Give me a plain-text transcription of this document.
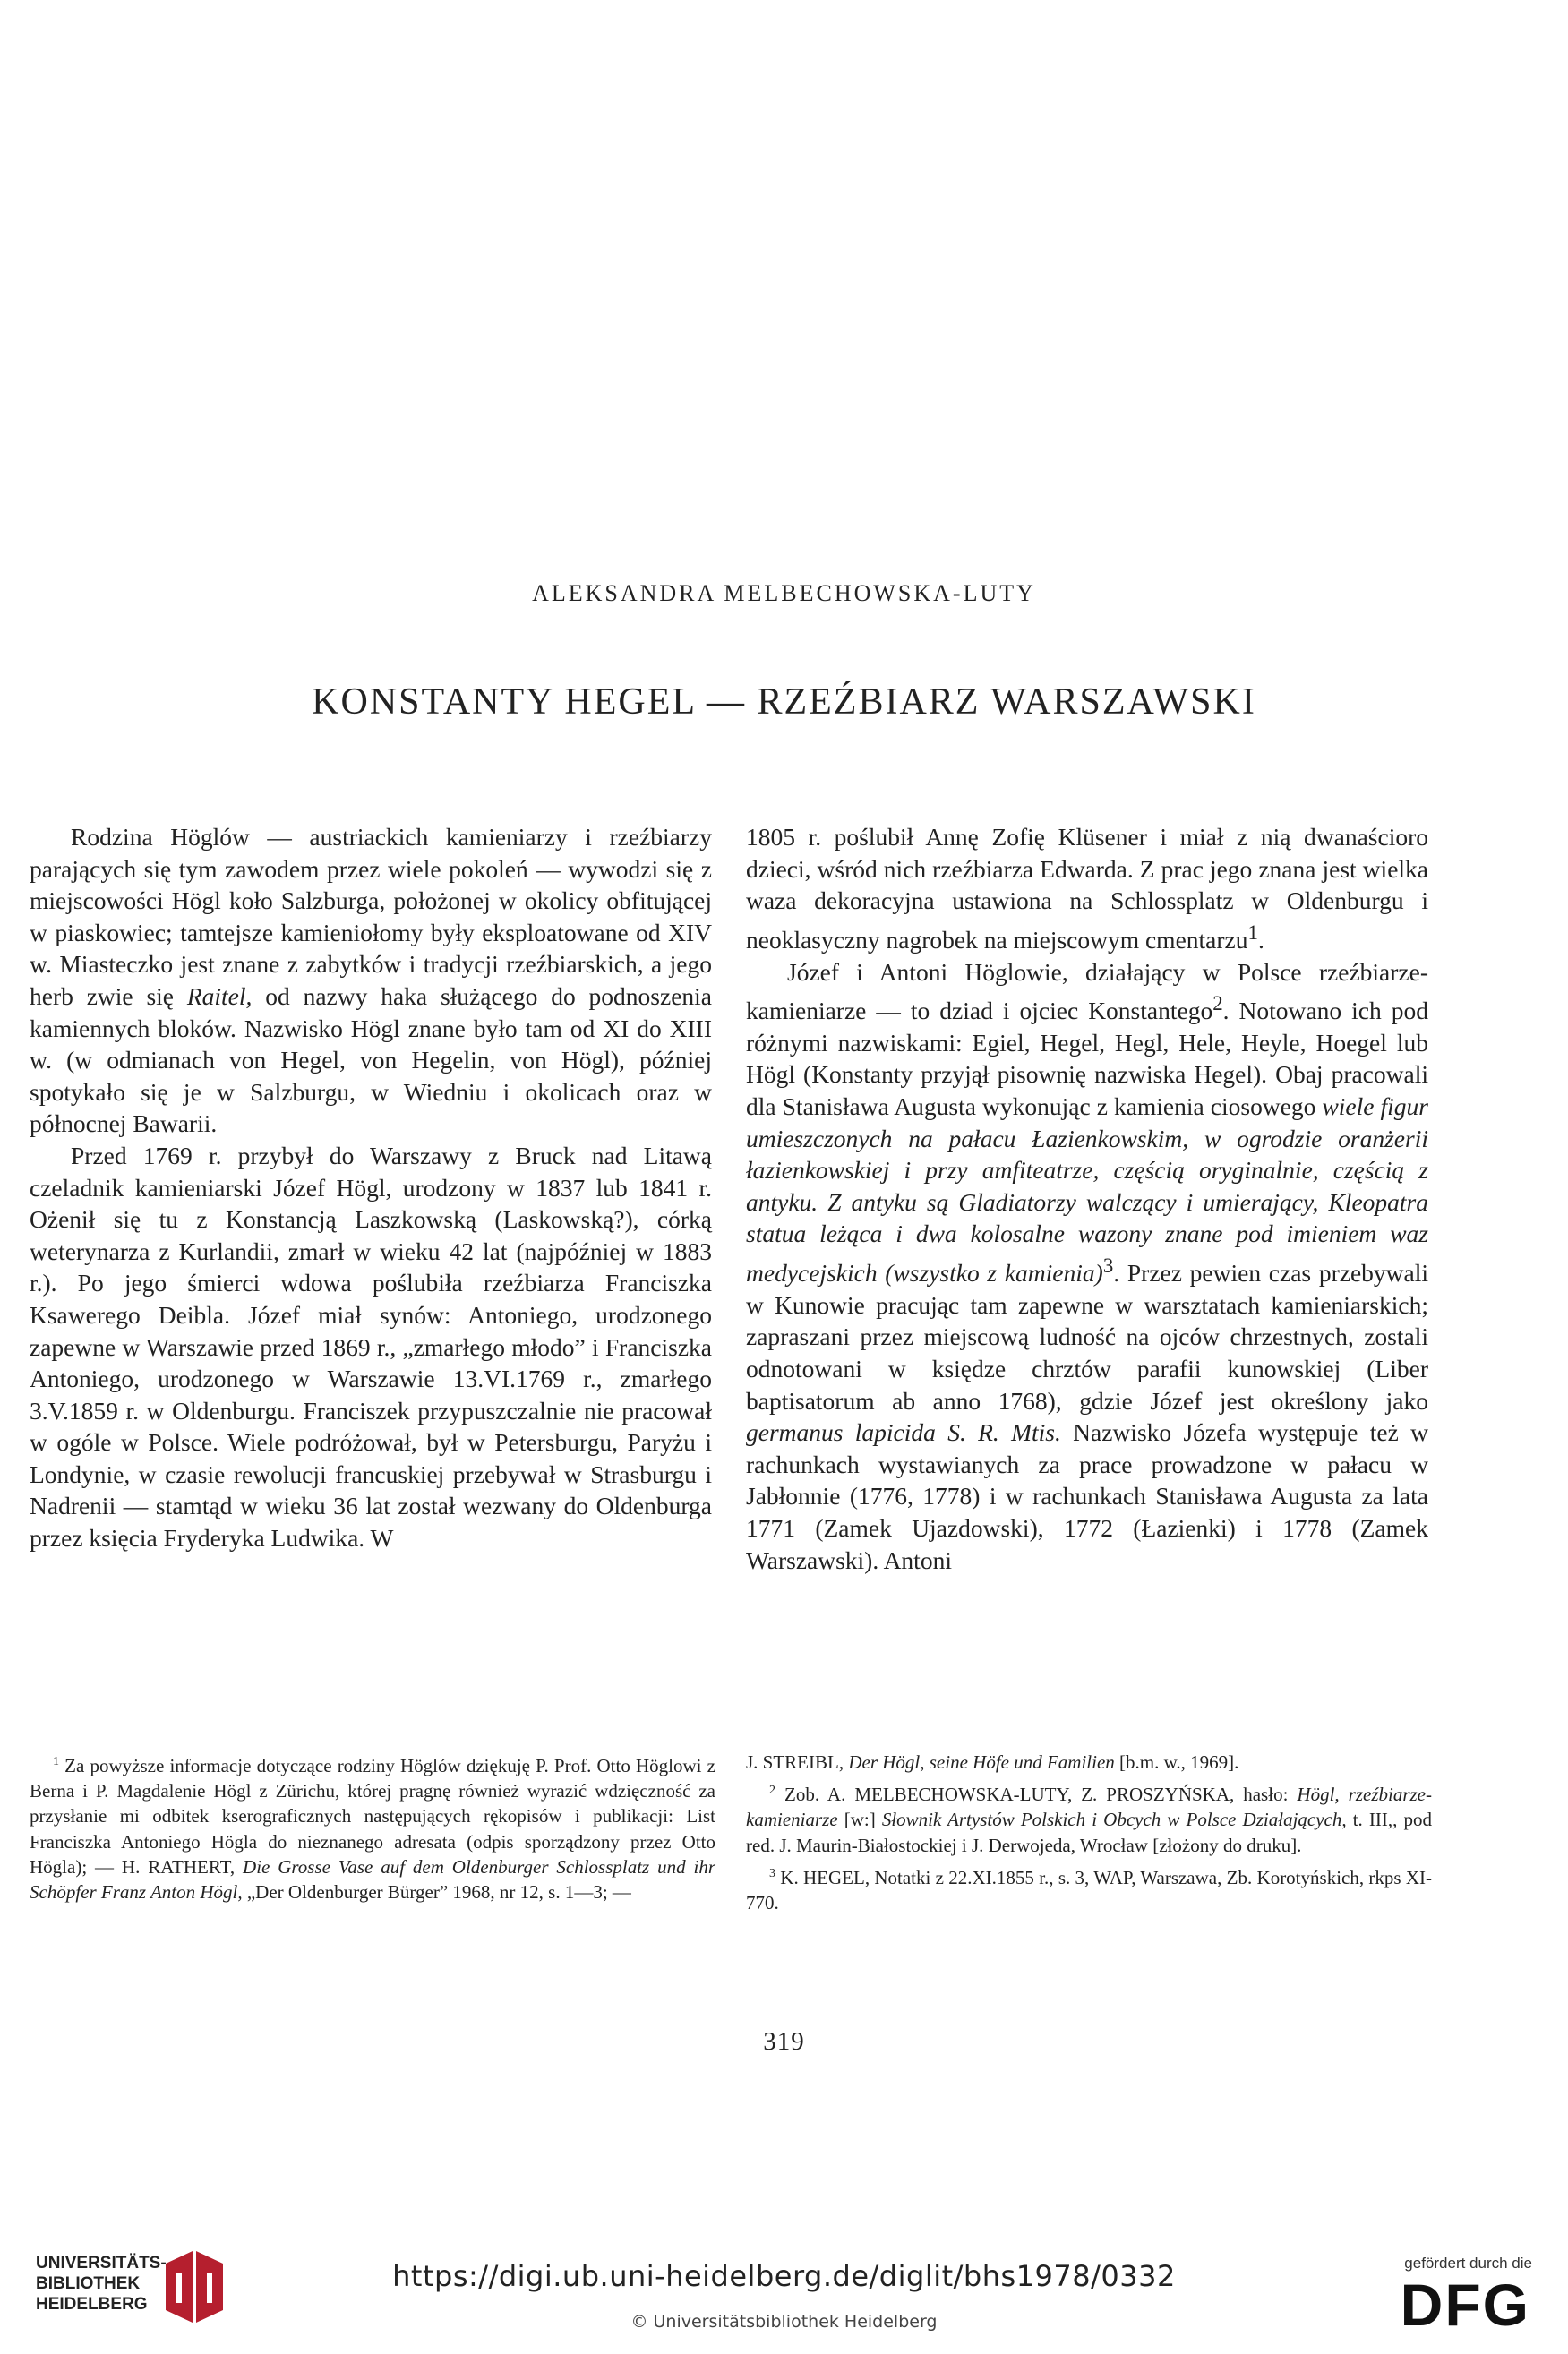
ALEKSANDRA MELBECHOWSKA-LUTY
KONSTANTY HEGEL — RZEŹBIARZ WARSZAWSKI

Rodzina Höglów — austriackich kamieniarzy i rzeźbiarzy parających się tym zawodem przez wiele pokoleń — wywodzi się z miejscowości Högl koło Salzburga, położonej w okolicy obfitującej w piaskowiec; tamtejsze kamieniołomy były eksploatowane od XIV w. Miasteczko jest znane z zabytków i tradycji rzeźbiarskich, a jego herb zwie się Raitel, od nazwy haka służącego do podnoszenia kamiennych bloków. Nazwisko Högl znane było tam od XI do XIII w. (w odmianach von Hegel, von Hegelin, von Högl), później spotykało się je w Salzburgu, w Wiedniu i okolicach oraz w północnej Bawarii.

Przed 1769 r. przybył do Warszawy z Bruck nad Litawą czeladnik kamieniarski Józef Högl, urodzony w 1837 lub 1841 r. Ożenił się tu z Konstancją Laszkowską (Laskowską?), córką weterynarza z Kurlandii, zmarł w wieku 42 lat (najpóźniej w 1883 r.). Po jego śmierci wdowa poślubiła rzeźbiarza Franciszka Ksawerego Deibla. Józef miał synów: Antoniego, urodzonego zapewne w Warszawie przed 1869 r., „zmarłego młodo” i Franciszka Antoniego, urodzonego w Warszawie 13.VI.1769 r., zmarłego 3.V.1859 r. w Oldenburgu. Franciszek przypuszczalnie nie pracował w ogóle w Polsce. Wiele podróżował, był w Petersburgu, Paryżu i Londynie, w czasie rewolucji francuskiej przebywał w Strasburgu i Nadrenii — stamtąd w wieku 36 lat został wezwany do Oldenburga przez księcia Fryderyka Ludwika. W

1805 r. poślubił Annę Zofię Klüsener i miał z nią dwanaścioro dzieci, wśród nich rzeźbiarza Edwarda. Z prac jego znana jest wielka waza dekoracyjna ustawiona na Schlossplatz w Oldenburgu i neoklasyczny nagrobek na miejscowym cmentarzu$^1$.

Józef i Antoni Höglowie, działający w Polsce rzeźbiarze-kamieniarze — to dziad i ojciec Konstantego$^2$. Notowano ich pod różnymi nazwiskami: Egiel, Hegel, Hegl, Hele, Heyle, Hoegel lub Högl (Konstanty przyjął pisownię nazwiska Hegel). Obaj pracowali dla Stanisława Augusta wykonując z kamienia ciosowego wiele figur umieszczonych na pałacu Łazienkowskim, w ogrodzie oranżerii łazienkowskiej i przy amfiteatrze, częścią oryginalnie, częścią z antyku. Z antyku są Gladiatorzy walczący i umierający, Kleopatra statua leżąca i dwa kolosalne wazony znane pod imieniem waz medycejskich (wszystko z kamienia)$^3$. Przez pewien czas przebywali w Kunowie pracując tam zapewne w warsztatach kamieniarskich; zapraszani przez miejscową ludność na ojców chrzestnych, zostali odnotowani w księdze chrztów parafii kunowskiej (Liber baptisatorum ab anno 1768), gdzie Józef jest określony jako germanus lapicida S. R. Mtis. Nazwisko Józefa występuje też w rachunkach wystawianych za prace prowadzone w pałacu w Jabłonnie (1776, 1778) i w rachunkach Stanisława Augusta za lata 1771 (Zamek Ujazdowski), 1772 (Łazienki) i 1778 (Zamek Warszawski). Antoni

$^1$ Za powyższe informacje dotyczące rodziny Höglów dziękuję P. Prof. Otto Höglowi z Berna i P. Magdalenie Högl z Zürichu, której pragnę również wyrazić wdzięczność za przysłanie mi odbitek kserograficznych następujących rękopisów i publikacji: List Franciszka Antoniego Högla do nieznanego adresata (odpis sporządzony przez Otto Högla); — H. RATHERT, Die Grosse Vase auf dem Oldenburger Schlossplatz und ihr Schöpfer Franz Anton Högl, „Der Oldenburger Bürger” 1968, nr 12, s. 1—3; —

J. STREIBL, Der Högl, seine Höfe und Familien [b.m. w., 1969].

$^2$ Zob. A. MELBECHOWSKA-LUTY, Z. PROSZYŃSKA, hasło: Högl, rzeźbiarze-kamieniarze [w:] Słownik Artystów Polskich i Obcych w Polsce Działających, t. III,, pod red. J. Maurin-Białostockiej i J. Derwojeda, Wrocław [złożony do druku].

$^3$ K. HEGEL, Notatki z 22.XI.1855 r., s. 3, WAP, Warszawa, Zb. Korotyńskich, rkps XI-770.

319
UNIVERSITÄTS-
BIBLIOTHEK
HEIDELBERG
https://digi.ub.uni-heidelberg.de/diglit/bhs1978/0332
© Universitätsbibliothek Heidelberg
gefördert durch die
DFG
